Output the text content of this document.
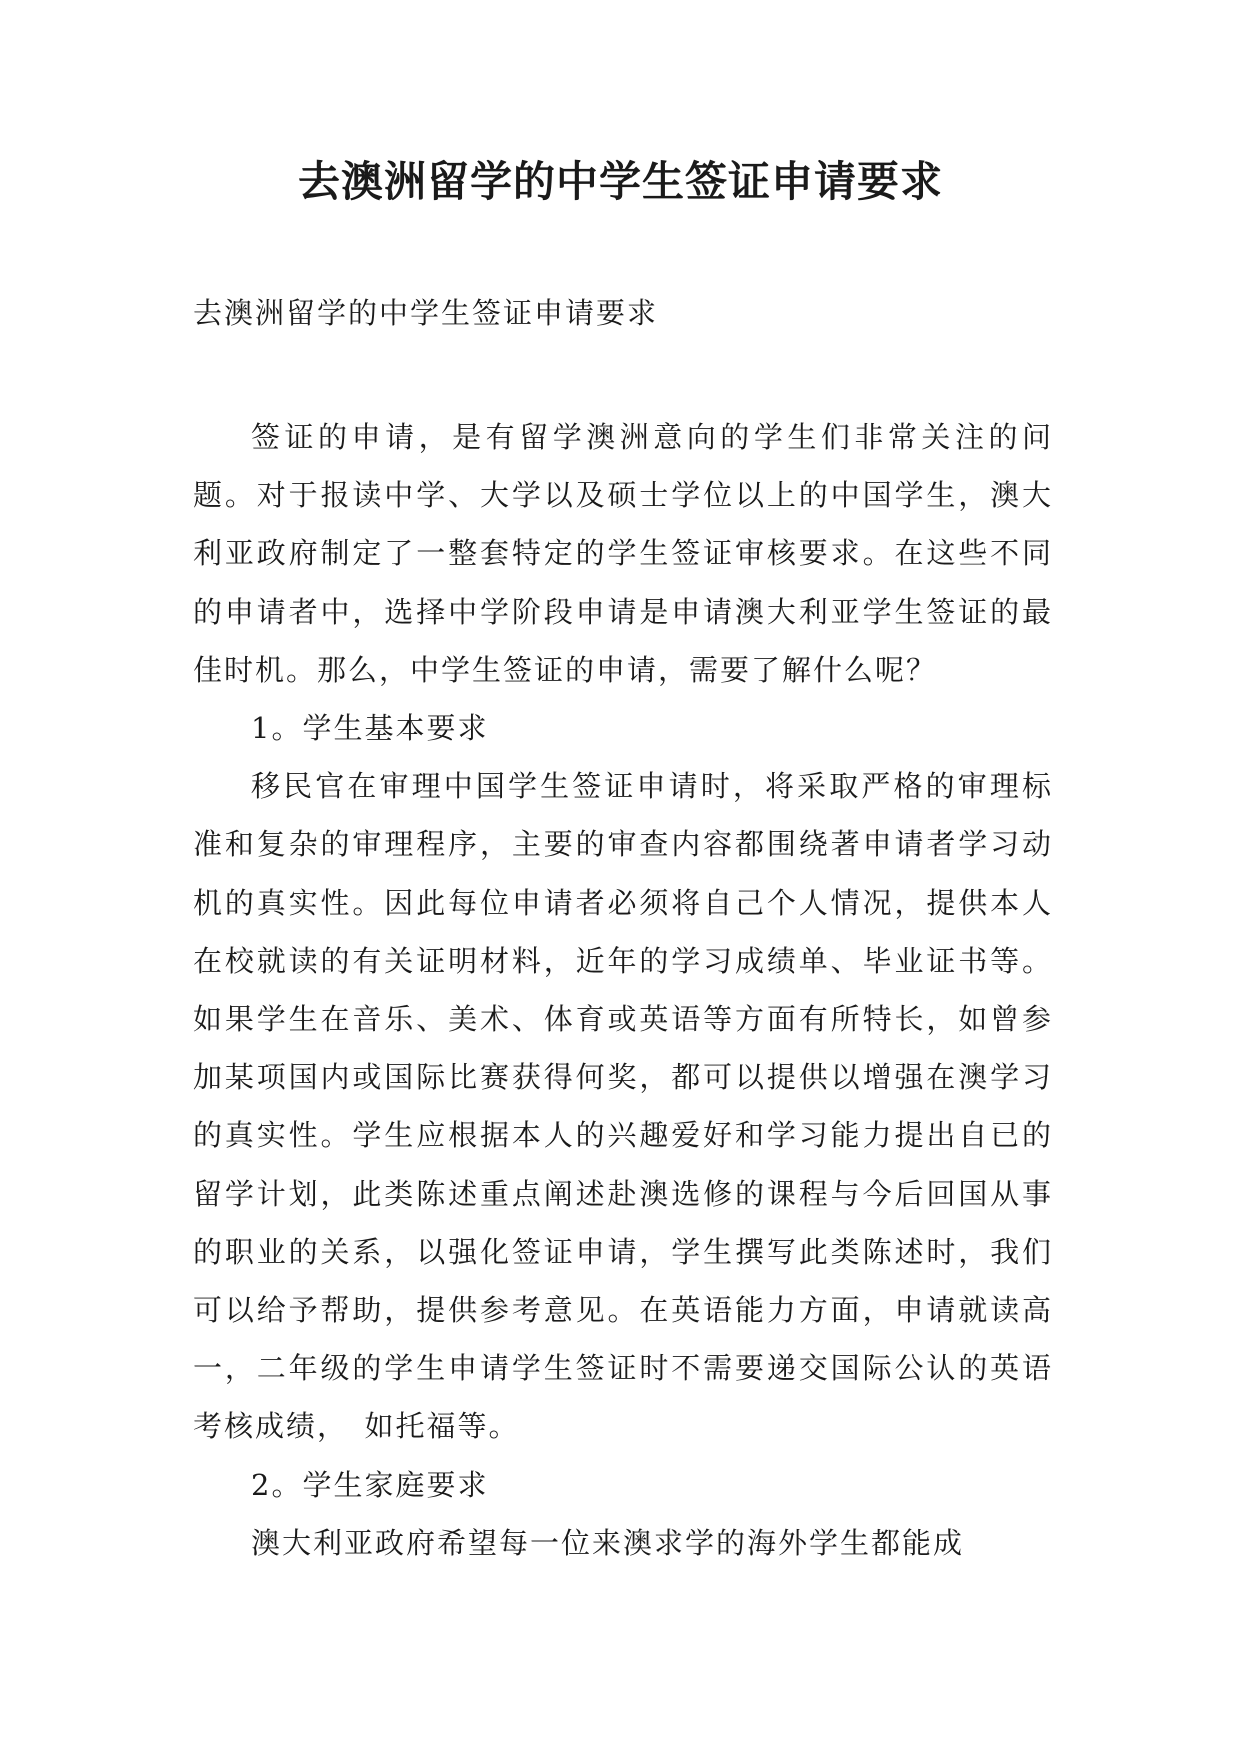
去澳洲留学的中学生签证申请要求

去澳洲留学的中学生签证申请要求

签证的申请，是有留学澳洲意向的学生们非常关注的问题。对于报读中学、大学以及硕士学位以上的中国学生，澳大利亚政府制定了一整套特定的学生签证审核要求。在这些不同的申请者中，选择中学阶段申请是申请澳大利亚学生签证的最佳时机。那么，中学生签证的申请，需要了解什么呢？

1。学生基本要求

移民官在审理中国学生签证申请时，将采取严格的审理标准和复杂的审理程序，主要的审查内容都围绕著申请者学习动机的真实性。因此每位申请者必须将自己个人情况，提供本人在校就读的有关证明材料，近年的学习成绩单、毕业证书等。如果学生在音乐、美术、体育或英语等方面有所特长，如曾参加某项国内或国际比赛获得何奖，都可以提供以增强在澳学习的真实性。学生应根据本人的兴趣爱好和学习能力提出自已的留学计划，此类陈述重点阐述赴澳选修的课程与今后回国从事的职业的关系，以强化签证申请，学生撰写此类陈述时，我们可以给予帮助，提供参考意见。在英语能力方面，申请就读高一，二年级的学生申请学生签证时不需要递交国际公认的英语考核成绩，　如托福等。

2。学生家庭要求

澳大利亚政府希望每一位来澳求学的海外学生都能成
